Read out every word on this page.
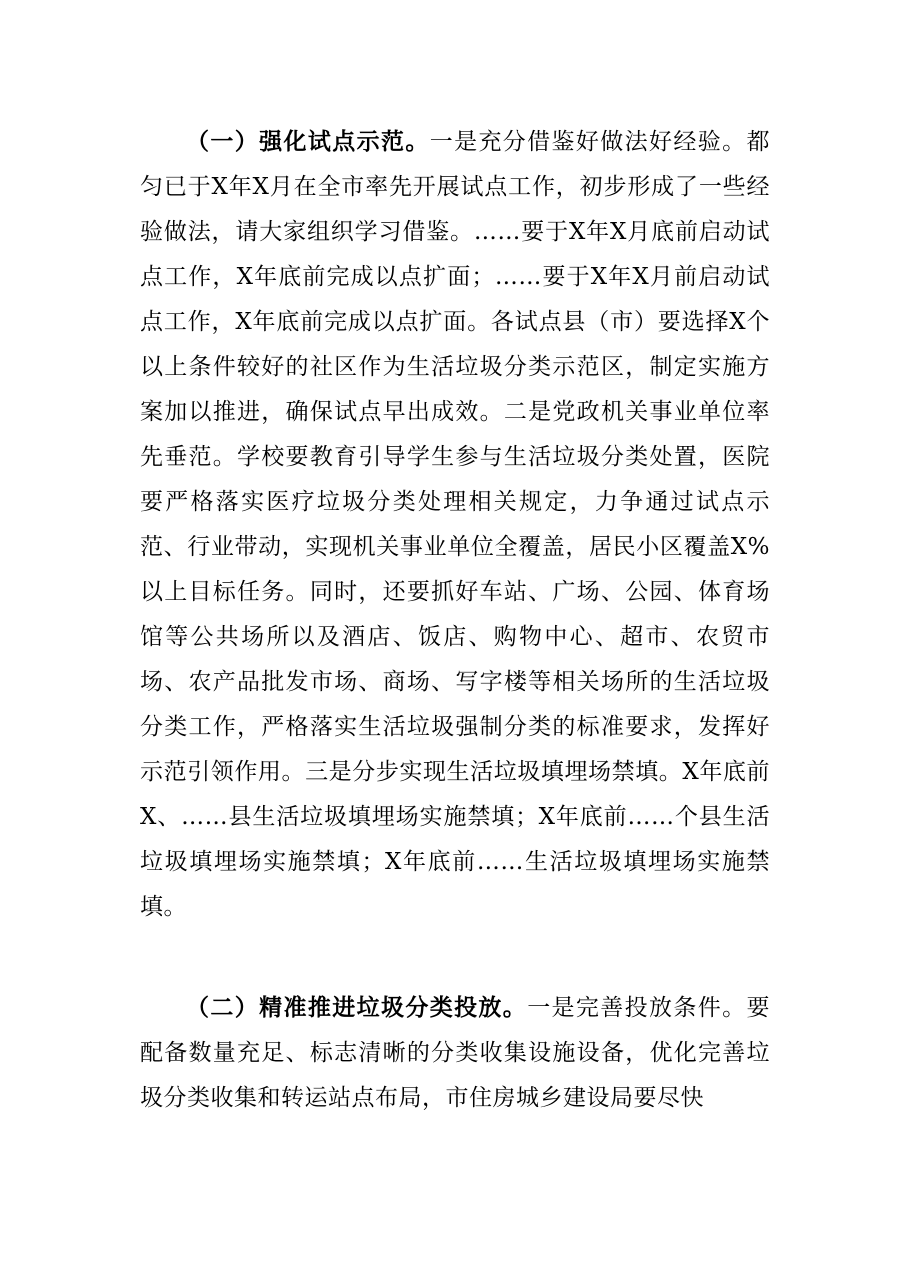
（一）强化试点示范。一是充分借鉴好做法好经验。都匀已于X年X月在全市率先开展试点工作，初步形成了一些经验做法，请大家组织学习借鉴。……要于X年X月底前启动试点工作，X年底前完成以点扩面；……要于X年X月前启动试点工作，X年底前完成以点扩面。各试点县（市）要选择X个以上条件较好的社区作为生活垃圾分类示范区，制定实施方案加以推进，确保试点早出成效。二是党政机关事业单位率先垂范。学校要教育引导学生参与生活垃圾分类处置，医院要严格落实医疗垃圾分类处理相关规定，力争通过试点示范、行业带动，实现机关事业单位全覆盖，居民小区覆盖X%以上目标任务。同时，还要抓好车站、广场、公园、体育场馆等公共场所以及酒店、饭店、购物中心、超市、农贸市场、农产品批发市场、商场、写字楼等相关场所的生活垃圾分类工作，严格落实生活垃圾强制分类的标准要求，发挥好示范引领作用。三是分步实现生活垃圾填埋场禁填。X年底前X、……县生活垃圾填埋场实施禁填；X年底前……个县生活垃圾填埋场实施禁填；X年底前……生活垃圾填埋场实施禁填。

（二）精准推进垃圾分类投放。一是完善投放条件。要配备数量充足、标志清晰的分类收集设施设备，优化完善垃圾分类收集和转运站点布局，市住房城乡建设局要尽快
